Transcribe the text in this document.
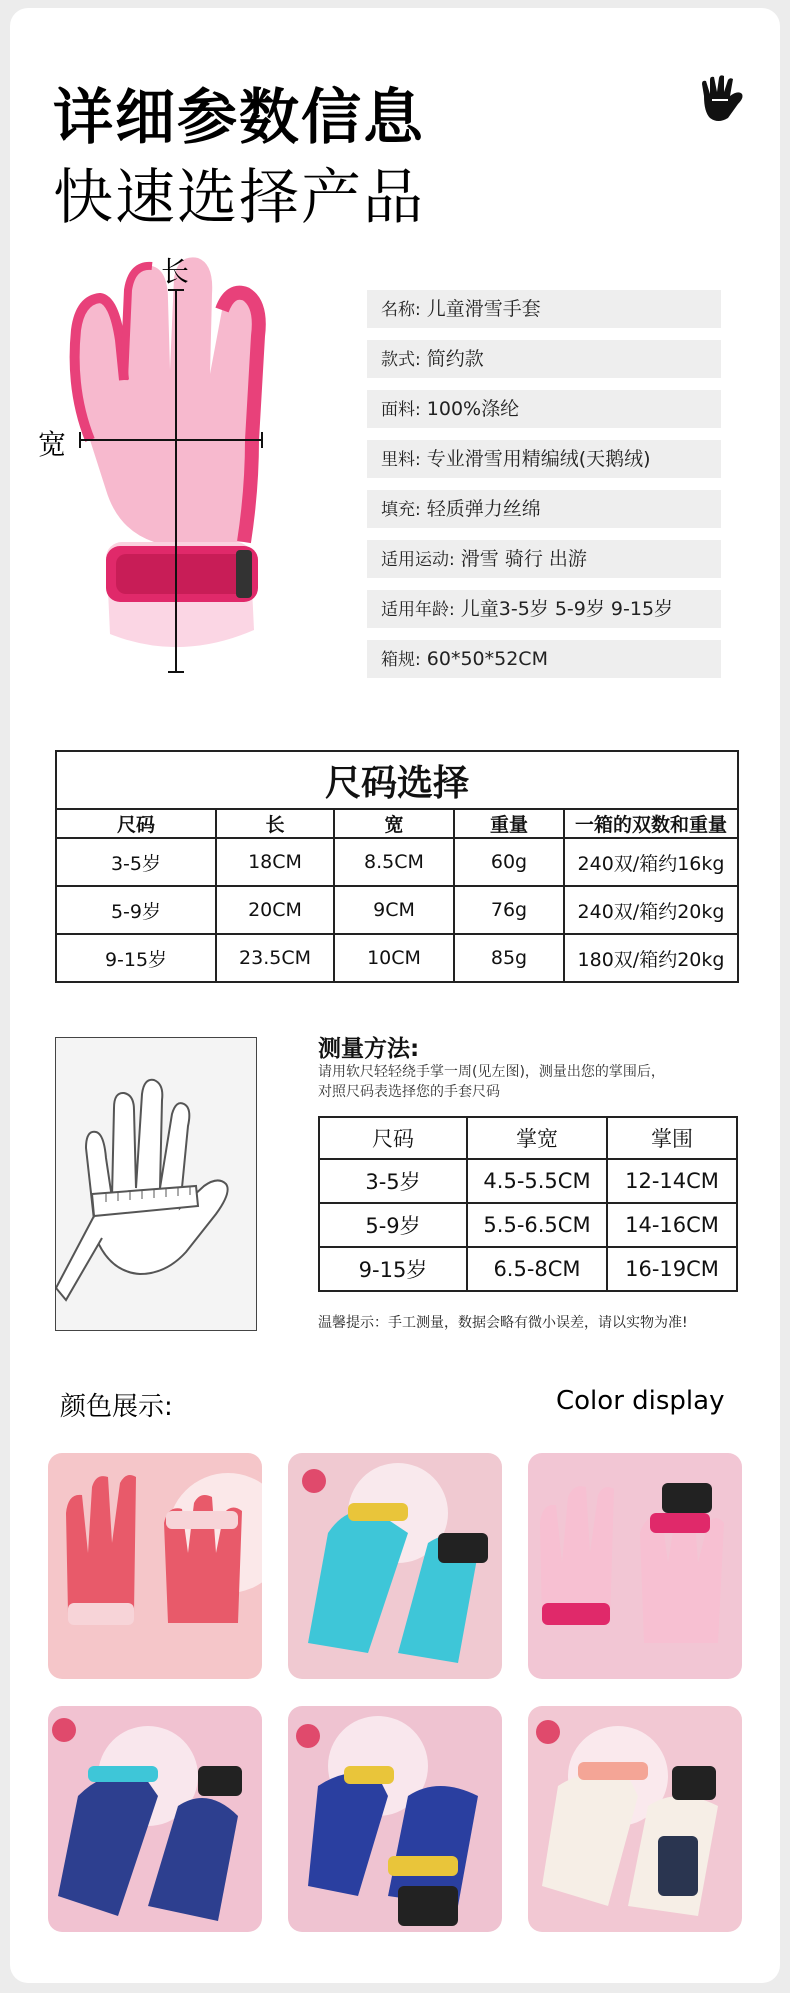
详细参数信息
快速选择产品
长
宽
名称: 儿童滑雪手套
款式: 简约款
面料: 100%涤纶
里料: 专业滑雪用精编绒(天鹅绒)
填充: 轻质弹力丝绵
适用运动: 滑雪 骑行 出游
适用年龄: 儿童3-5岁 5-9岁 9-15岁
箱规: 60*50*52CM
尺码选择				
尺码	长	宽	重量	一箱的双数和重量
3-5岁	18CM	8.5CM	60g	240双/箱约16kg
5-9岁	20CM	9CM	76g	240双/箱约20kg
9-15岁	23.5CM	10CM	85g	180双/箱约20kg
测量方法:
请用软尺轻轻绕手掌一周(见左图)，测量出您的掌围后，对照尺码表选择您的手套尺码
尺码	掌宽	掌围
3-5岁	4.5-5.5CM	12-14CM
5-9岁	5.5-6.5CM	14-16CM
9-15岁	6.5-8CM	16-19CM
温馨提示：手工测量，数据会略有微小误差，请以实物为准!
颜色展示:	Color display
